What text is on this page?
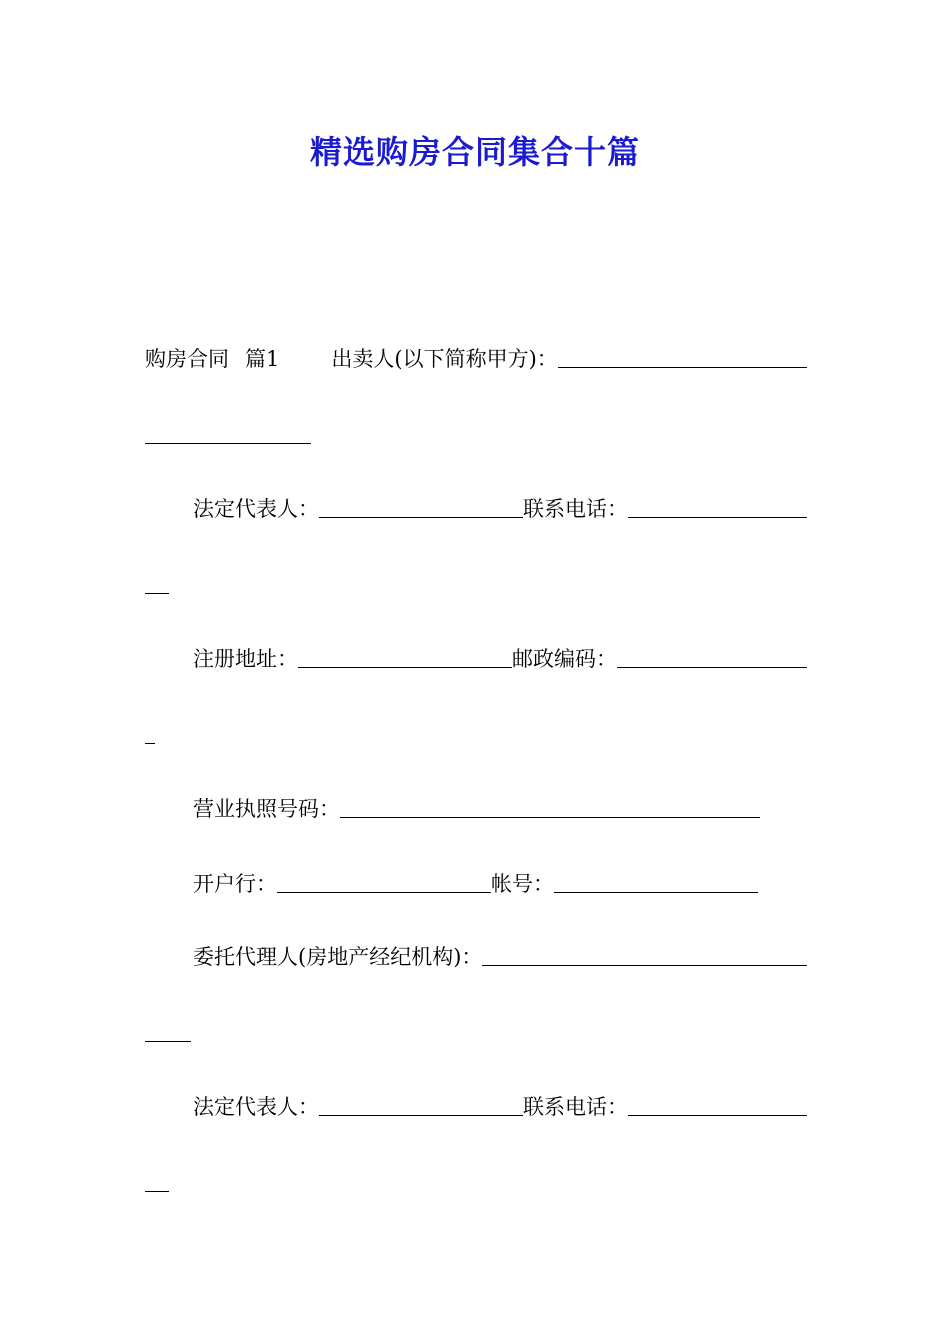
精选购房合同集合十篇
购房合同 篇1 出卖人(以下简称甲方)：
法定代表人：	联系电话：
注册地址：	邮政编码：
营业执照号码：
开户行：	帐号：
委托代理人(房地产经纪机构)：
法定代表人：	联系电话：
